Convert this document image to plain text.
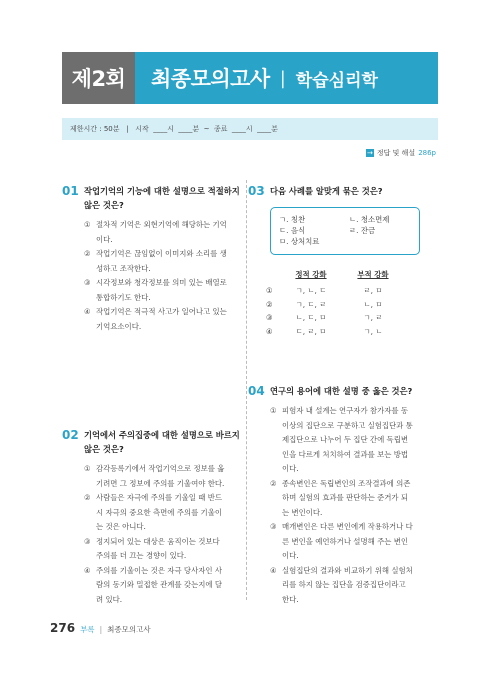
제2회	최종모의고사 | 학습심리학
제한시간 : 50분   |   시작  ____시  ____분  ~  종료  ____시  ____분
→ 정답 및 해설 286p
01 작업기억의 기능에 대한 설명으로 적절하지
않은 것은?
① 절차적 기억은 외현기억에 해당하는 기억
이다.
② 작업기억은 끊임없이 이미지와 소리를 생
성하고 조작한다.
③ 시각정보와 청각정보를 의미 있는 배열로
통합하기도 한다.
④ 작업기억은 적극적 사고가 일어나고 있는
기억요소이다.
02 기억에서 주의집중에 대한 설명으로 바르지
않은 것은?
① 감각등록기에서 작업기억으로 정보를 옮
기려면 그 정보에 주의를 기울여야 한다.
② 사람들은 자극에 주의를 기울일 때 반드
시 자극의 중요한 측면에 주의를 기울이
는 것은 아니다.
③ 정지되어 있는 대상은 움직이는 것보다
주의를 더 끄는 경향이 있다.
④ 주의를 기울이는 것은 자극 당사자인 사
람의 동기와 밀접한 관계를 갖는지에 달
려 있다.
03 다음 사례를 알맞게 묶은 것은?
ㄱ. 칭찬	ㄴ. 청소면제
ㄷ. 음식	ㄹ. 잔금
ㅁ. 상처치료
정적 강화	부적 강화
①	ㄱ, ㄴ, ㄷ	ㄹ, ㅁ
②	ㄱ, ㄷ, ㄹ	ㄴ, ㅁ
③	ㄴ, ㄷ, ㅁ	ㄱ, ㄹ
④	ㄷ, ㄹ, ㅁ	ㄱ, ㄴ
04 연구의 용어에 대한 설명 중 옳은 것은?
① 피험자 내 설계는 연구자가 참가자를 동
이상의 집단으로 구분하고 실험집단과 통
제집단으로 나누어 두 집단 간에 독립변
인을 다르게 처치하여 결과를 보는 방법
이다.
② 종속변인은 독립변인의 조작결과에 의존
하며 실험의 효과를 판단하는 준거가 되
는 변인이다.
③ 매개변인은 다른 변인에게 작용하거나 다
른 변인을 예언하거나 설명해 주는 변인
이다.
④ 실험집단의 결과와 비교하기 위해 실험처
리를 하지 않는 집단을 검증집단이라고
한다.
276 부록 | 최종모의고사
